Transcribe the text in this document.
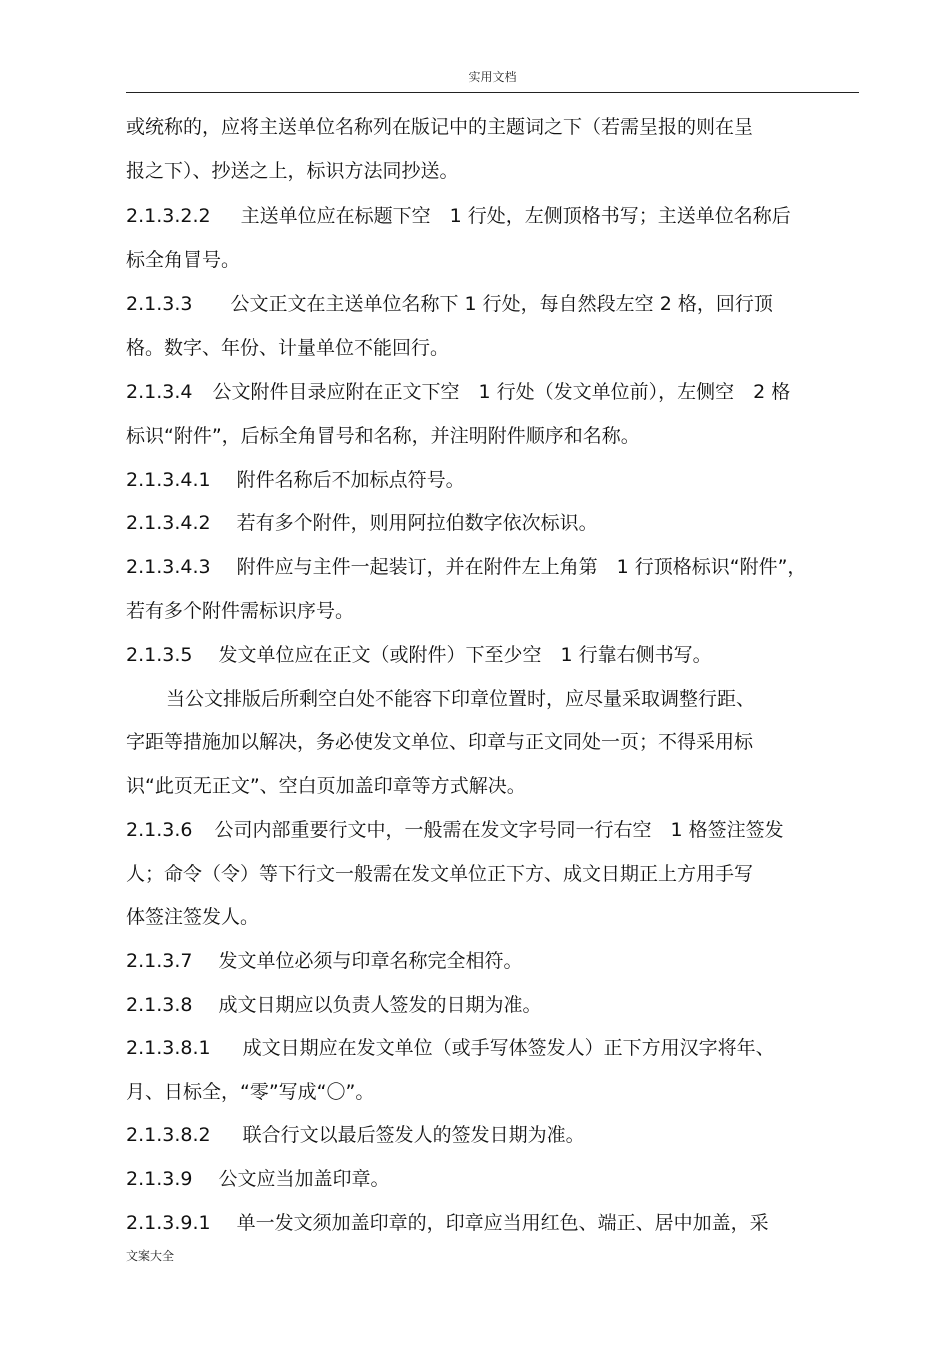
实用文档
或统称的，应将主送单位名称列在版记中的主题词之下（若需呈报的则在呈
报之下）、抄送之上，标识方法同抄送。
2.1.3.2.2 主送单位应在标题下空　1 行处，左侧顶格书写；主送单位名称后
标全角冒号。
2.1.3.3 公文正文在主送单位名称下 1 行处，每自然段左空 2 格，回行顶
格。数字、年份、计量单位不能回行。
2.1.3.4 公文附件目录应附在正文下空　1 行处（发文单位前），左侧空　2 格
标识“附件”，后标全角冒号和名称，并注明附件顺序和名称。
2.1.3.4.1 附件名称后不加标点符号。
2.1.3.4.2 若有多个附件，则用阿拉伯数字依次标识。
2.1.3.4.3 附件应与主件一起装订，并在附件左上角第　1 行顶格标识“附件”，
若有多个附件需标识序号。
2.1.3.5 发文单位应在正文（或附件）下至少空　1 行靠右侧书写。
当公文排版后所剩空白处不能容下印章位置时，应尽量采取调整行距、
字距等措施加以解决，务必使发文单位、印章与正文同处一页；不得采用标
识“此页无正文”、空白页加盖印章等方式解决。
2.1.3.6 公司内部重要行文中，一般需在发文字号同一行右空　1 格签注签发
人；命令（令）等下行文一般需在发文单位正下方、成文日期正上方用手写
体签注签发人。
2.1.3.7 发文单位必须与印章名称完全相符。
2.1.3.8 成文日期应以负责人签发的日期为准。
2.1.3.8.1 成文日期应在发文单位（或手写体签发人）正下方用汉字将年、
月、日标全，“零”写成“〇”。
2.1.3.8.2 联合行文以最后签发人的签发日期为准。
2.1.3.9 公文应当加盖印章。
2.1.3.9.1 单一发文须加盖印章的，印章应当用红色、端正、居中加盖，采
文案大全
